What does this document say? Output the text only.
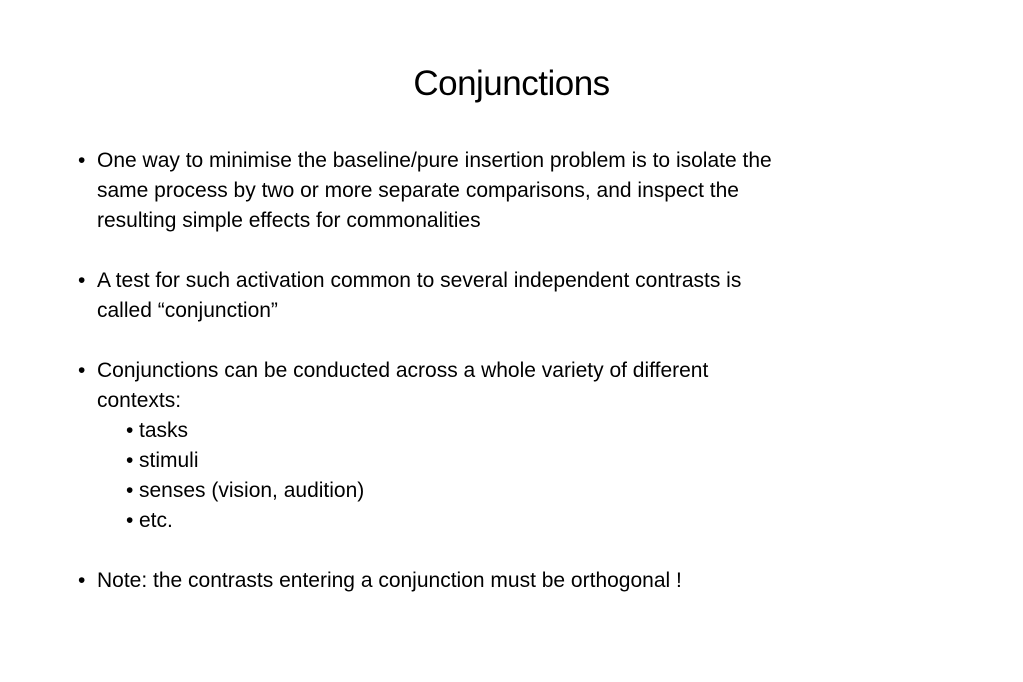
Conjunctions
• One way to minimise the baseline/pure insertion problem is to isolate the
same process by two or more separate comparisons, and inspect the
resulting simple effects for commonalities
• A test for such activation common to several independent contrasts is
called “conjunction”
• Conjunctions can be conducted across a whole variety of different
contexts:
• tasks
• stimuli
• senses (vision, audition)
• etc.
• Note: the contrasts entering a conjunction must be orthogonal !
